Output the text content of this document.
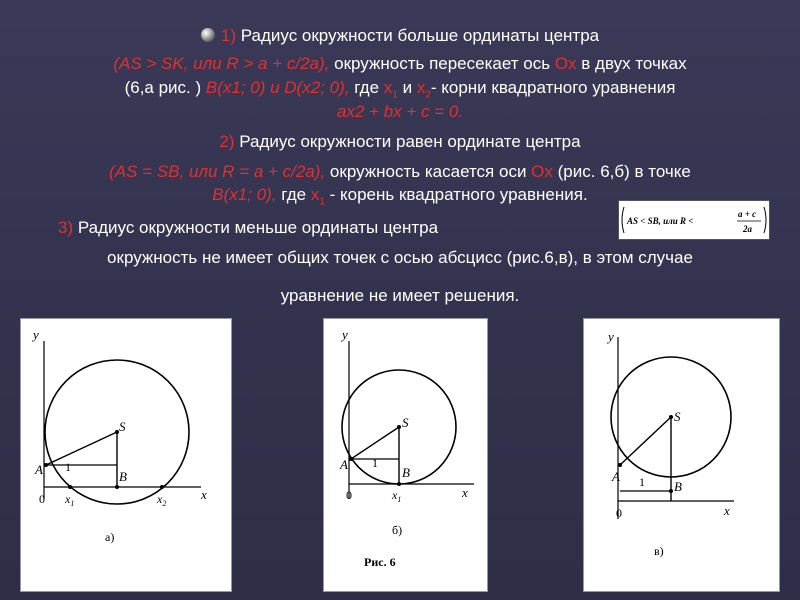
1) Радиус окружности больше ординаты центра
(AS > SK, или R > a + c/2a), окружность пересекает ось Ox в двух точках
(6,а рис. ) B(x1; 0) и D(x2; 0), где $x_1$ и $x_2-$ корни квадратного уравнения
ax2 + bx + c = 0.
2) Радиус окружности равен ординате центра
(AS = SB, или R = a + c/2a), окружность касается оси Ox (рис. 6,б) в точке
B(x1; 0), где $x_1$ - корень квадратного уравнения.
3) Радиус окружности меньше ординаты центра	AS < SB, или R <
a + c
2a
окружность не имеет общих точек с осью абсцисс (рис.6,в), в этом случае
уравнение не имеет решения.
y
x
0
A
S
B
1
$x_1$	$x_2$
а)
y
x
0
A
S
B
1
$x_1$
б)
Рис. 6
y
x
0
A
S
B
1
в)
